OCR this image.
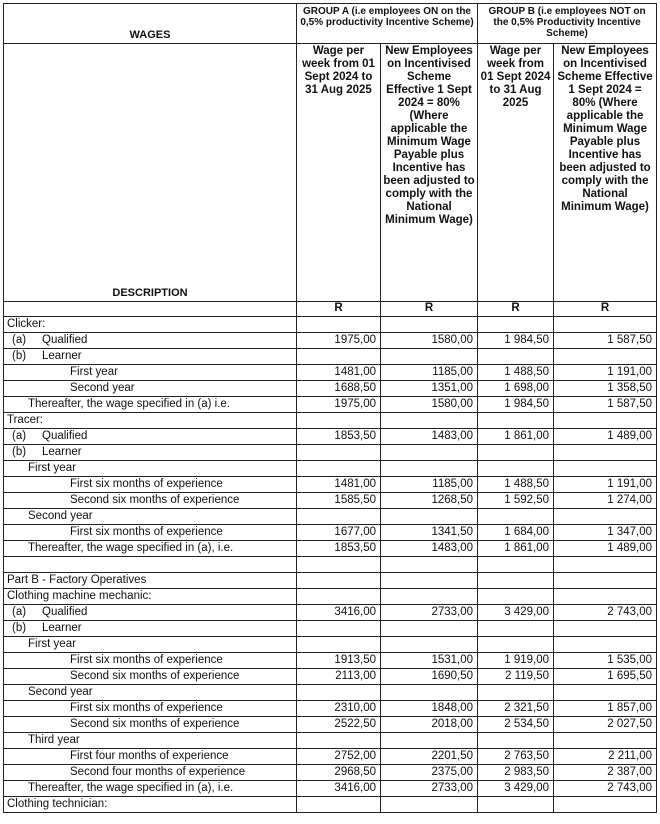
WAGES	GROUP A (i.e employees ON on the 0,5% productivity Incentive Scheme)		GROUP B (i.e employees NOT on the 0,5% Productivity Incentive Scheme)	
DESCRIPTION	Wage per week from 01 Sept 2024 to 31 Aug 2025	New Employees on Incentivised Scheme Effective 1 Sept 2024 = 80% (Where applicable the Minimum Wage Payable plus Incentive has been adjusted to comply with the National Minimum Wage)	Wage per week from 01 Sept 2024 to 31 Aug 2025	New Employees on Incentivised Scheme Effective 1 Sept 2024 = 80% (Where applicable the Minimum Wage Payable plus Incentive has been adjusted to comply with the National Minimum Wage)
	R	R	R	R
Clicker:				
(a) Qualified	1975,00	1580,00	1 984,50	1 587,50
(b) Learner				
First year	1481,00	1185,00	1 488,50	1 191,00
Second year	1688,50	1351,00	1 698,00	1 358,50
Thereafter, the wage specified in (a) i.e.	1975,00	1580,00	1 984,50	1 587,50
Tracer:				
(a) Qualified	1853,50	1483,00	1 861,00	1 489,00
(b) Learner				
First year				
First six months of experience	1481,00	1185,00	1 488,50	1 191,00
Second six months of experience	1585,50	1268,50	1 592,50	1 274,00
Second year				
First six months of experience	1677,00	1341,50	1 684,00	1 347,00
Thereafter, the wage specified in (a), i.e.	1853,50	1483,00	1 861,00	1 489,00

Part B - Factory Operatives				
Clothing machine mechanic:				
(a) Qualified	3416,00	2733,00	3 429,00	2 743,00
(b) Learner				
First year				
First six months of experience	1913,50	1531,00	1 919,00	1 535,00
Second six months of experience	2113,00	1690,50	2 119,50	1 695,50
Second year				
First six months of experience	2310,00	1848,00	2 321,50	1 857,00
Second six months of experience	2522,50	2018,00	2 534,50	2 027,50
Third year				
First four months of experience	2752,00	2201,50	2 763,50	2 211,00
Second four months of experience	2968,50	2375,00	2 983,50	2 387,00
Thereafter, the wage specified in (a), i.e.	3416,00	2733,00	3 429,00	2 743,00
Clothing technician:				
